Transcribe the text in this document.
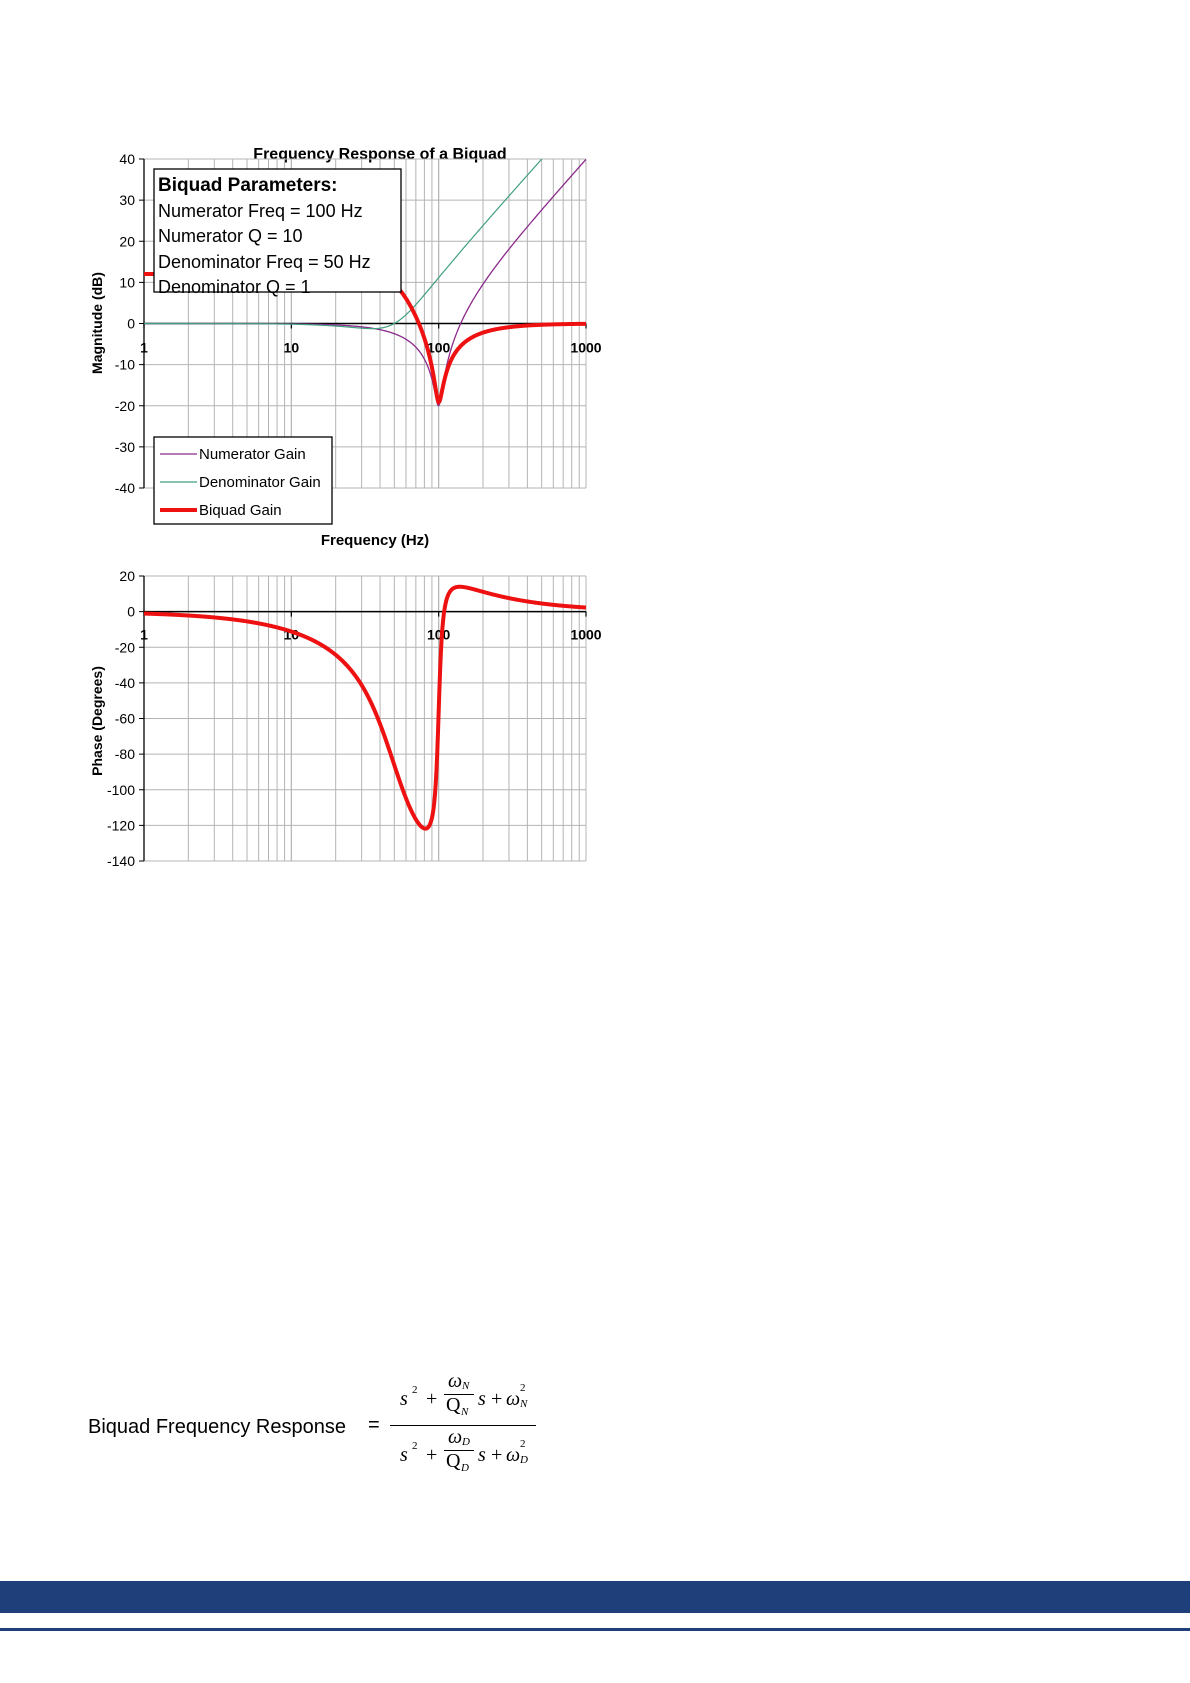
Frequency Response of a Biquad
40
30
20
10
0
-10
-20
-30
-40
1	10	100	1000
Magnitude (dB)
Frequency (Hz)
Biquad Parameters:
Numerator Freq = 100 Hz
Numerator Q = 10
Denominator Freq = 50 Hz
Denominator Q = 1
Numerator Gain
Denominator Gain
Biquad Gain
20
0
-20
-40
-60
-80
-100
-120
-140
1	10	100	1000
Phase (Degrees)
Biquad Frequency Response =
s 2 +
ω N
Q N
s + ω 2
N
s 2 +
ω D
Q D
s + ω 2
D
